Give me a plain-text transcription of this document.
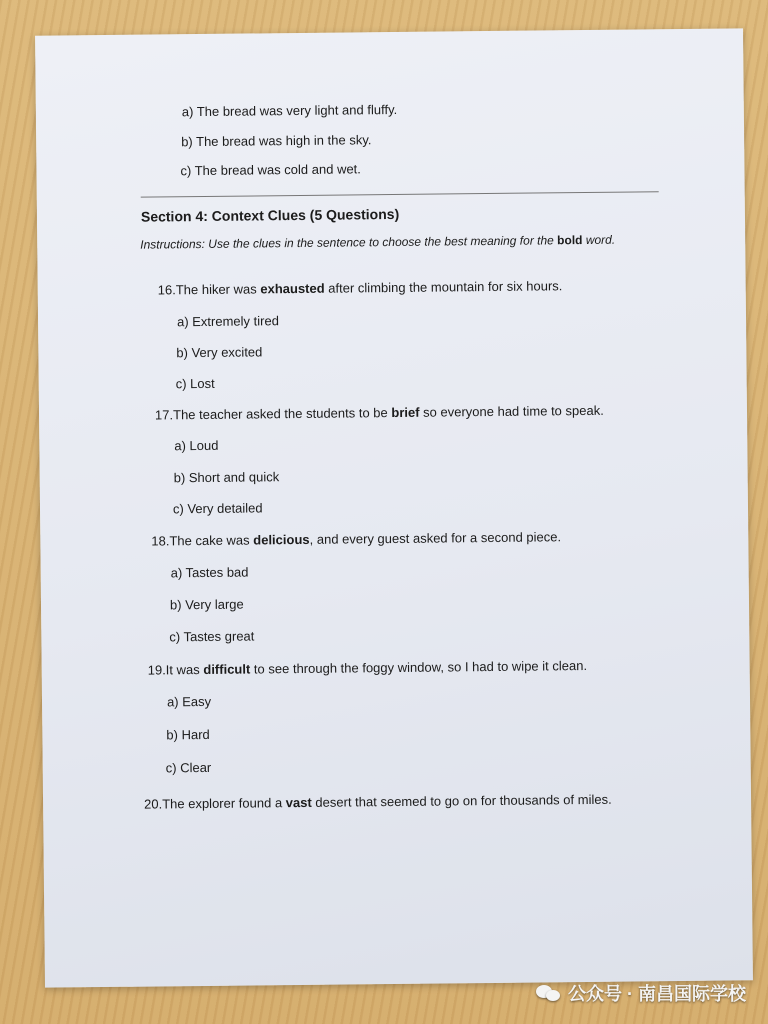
a) The bread was very light and fluffy.
b) The bread was high in the sky.
c) The bread was cold and wet.
Section 4: Context Clues (5 Questions)
Instructions: Use the clues in the sentence to choose the best meaning for the bold word.
16.The hiker was exhausted after climbing the mountain for six hours.
a) Extremely tired
b) Very excited
c) Lost
17.The teacher asked the students to be brief so everyone had time to speak.
a) Loud
b) Short and quick
c) Very detailed
18.The cake was delicious, and every guest asked for a second piece.
a) Tastes bad
b) Very large
c) Tastes great
19.It was difficult to see through the foggy window, so I had to wipe it clean.
a) Easy
b) Hard
c) Clear
20.The explorer found a vast desert that seemed to go on for thousands of miles.
公众号 · 南昌国际学校
